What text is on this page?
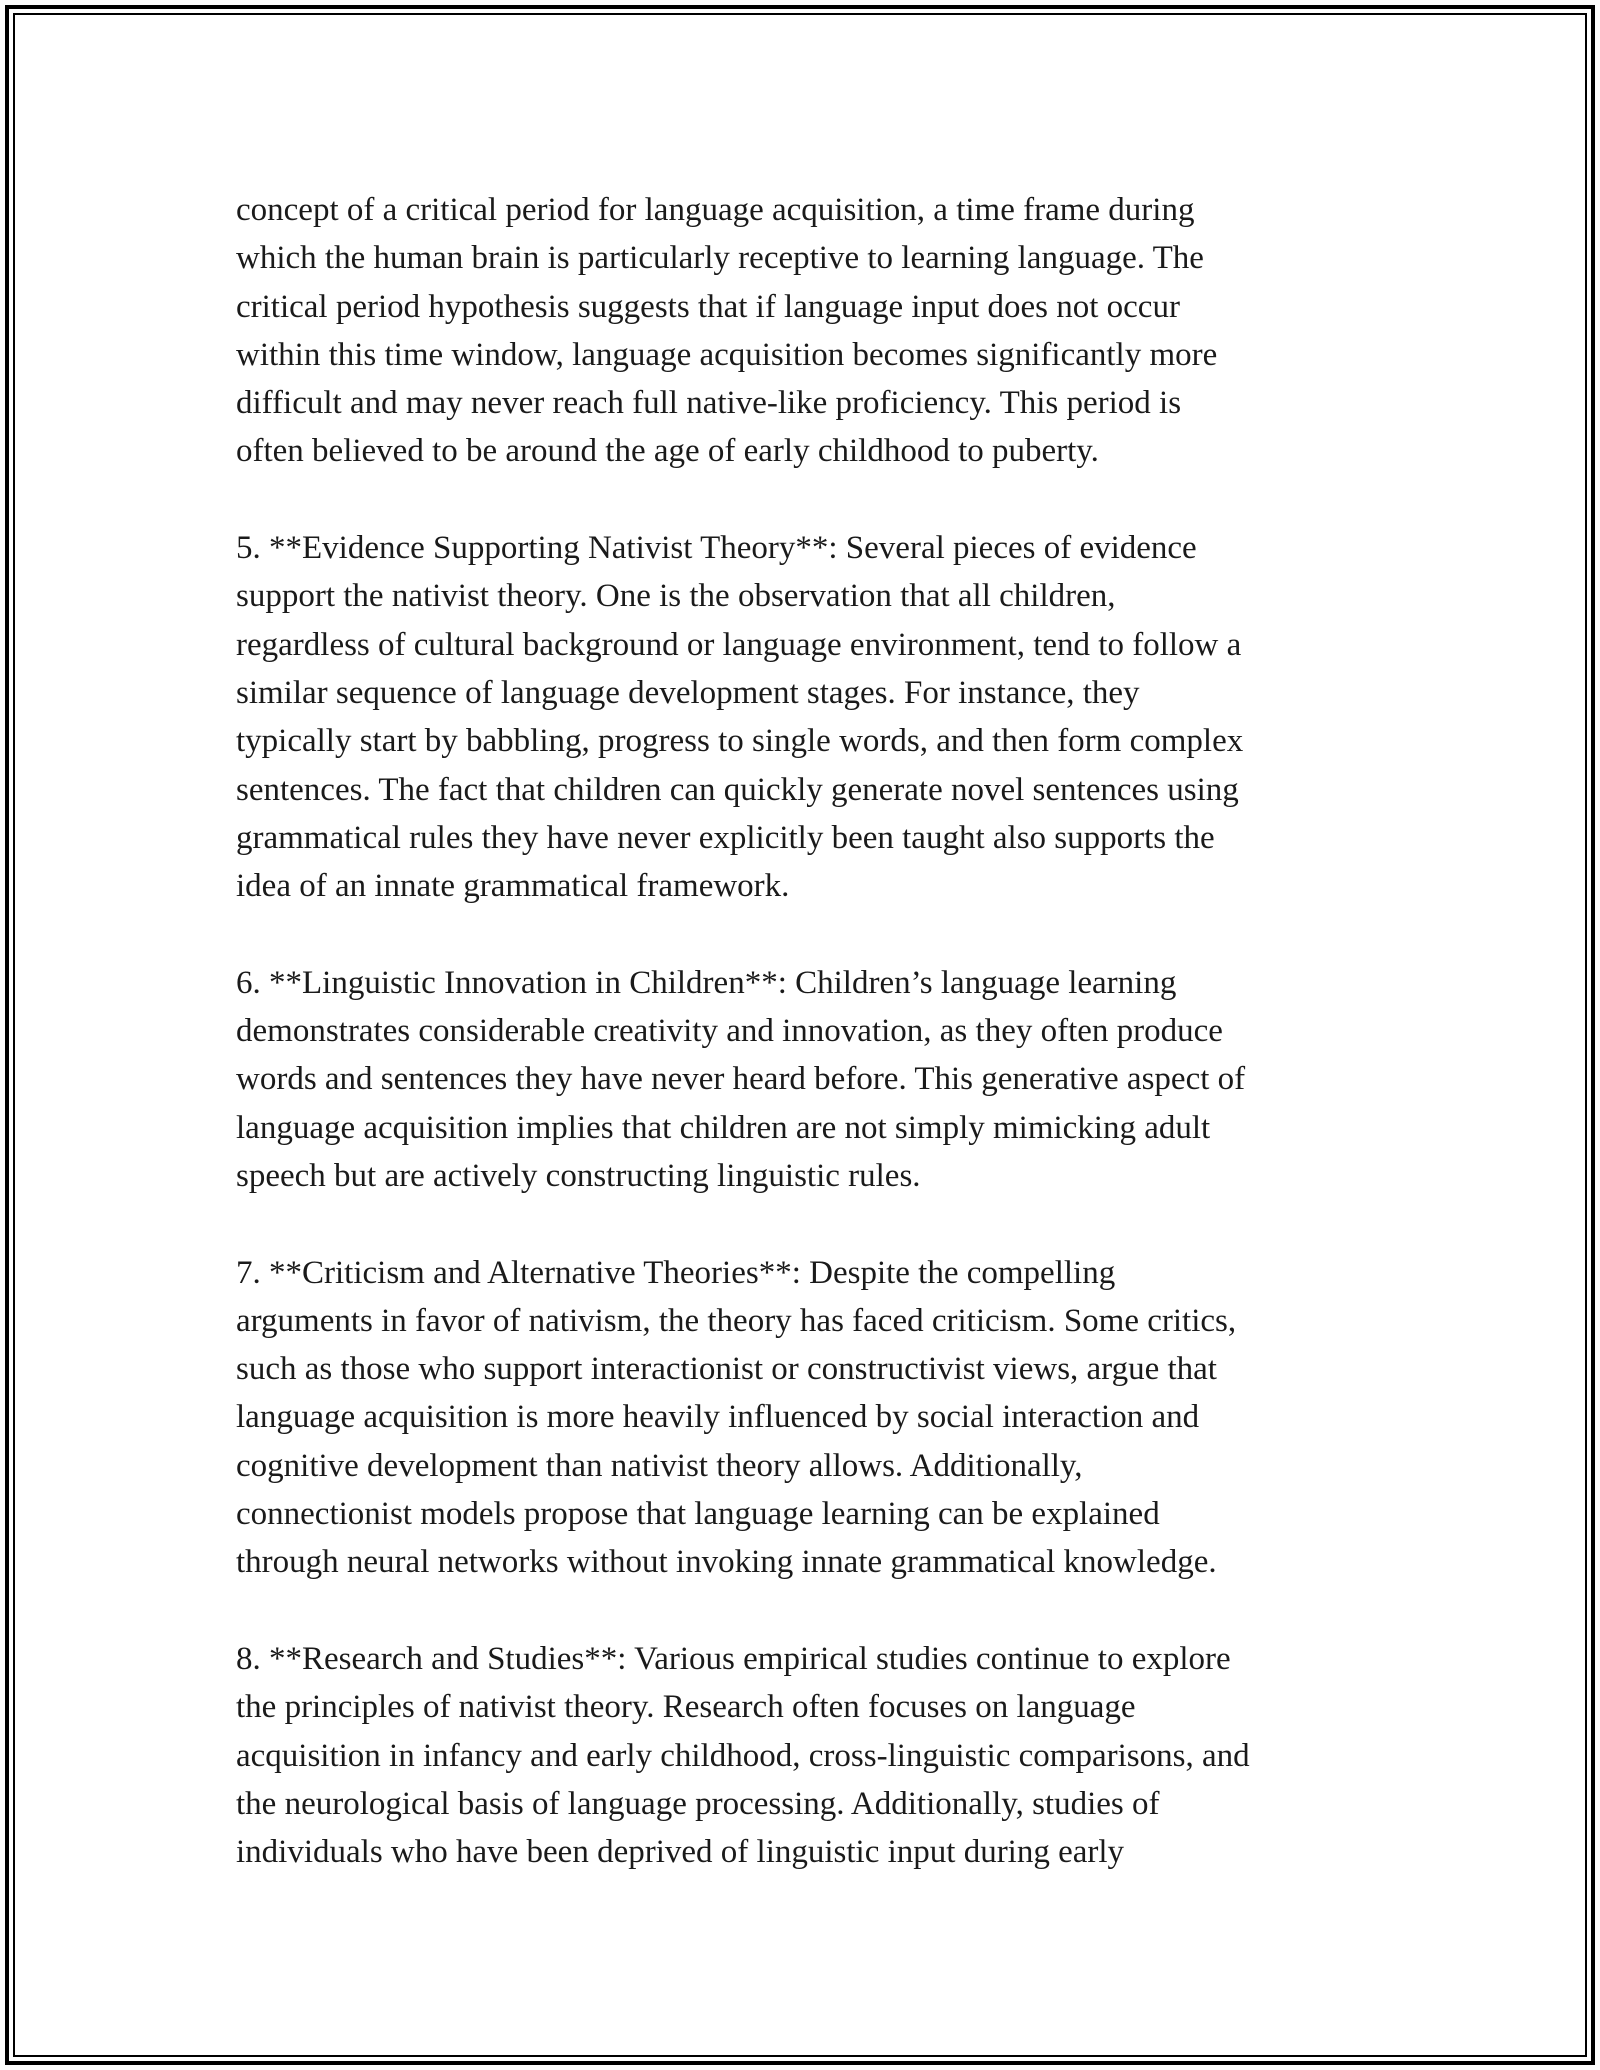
concept of a critical period for language acquisition, a time frame during
which the human brain is particularly receptive to learning language. The
critical period hypothesis suggests that if language input does not occur
within this time window, language acquisition becomes significantly more
difficult and may never reach full native-like proficiency. This period is
often believed to be around the age of early childhood to puberty.

5. **Evidence Supporting Nativist Theory**: Several pieces of evidence
support the nativist theory. One is the observation that all children,
regardless of cultural background or language environment, tend to follow a
similar sequence of language development stages. For instance, they
typically start by babbling, progress to single words, and then form complex
sentences. The fact that children can quickly generate novel sentences using
grammatical rules they have never explicitly been taught also supports the
idea of an innate grammatical framework.

6. **Linguistic Innovation in Children**: Children’s language learning
demonstrates considerable creativity and innovation, as they often produce
words and sentences they have never heard before. This generative aspect of
language acquisition implies that children are not simply mimicking adult
speech but are actively constructing linguistic rules.

7. **Criticism and Alternative Theories**: Despite the compelling
arguments in favor of nativism, the theory has faced criticism. Some critics,
such as those who support interactionist or constructivist views, argue that
language acquisition is more heavily influenced by social interaction and
cognitive development than nativist theory allows. Additionally,
connectionist models propose that language learning can be explained
through neural networks without invoking innate grammatical knowledge.

8. **Research and Studies**: Various empirical studies continue to explore
the principles of nativist theory. Research often focuses on language
acquisition in infancy and early childhood, cross-linguistic comparisons, and
the neurological basis of language processing. Additionally, studies of
individuals who have been deprived of linguistic input during early
